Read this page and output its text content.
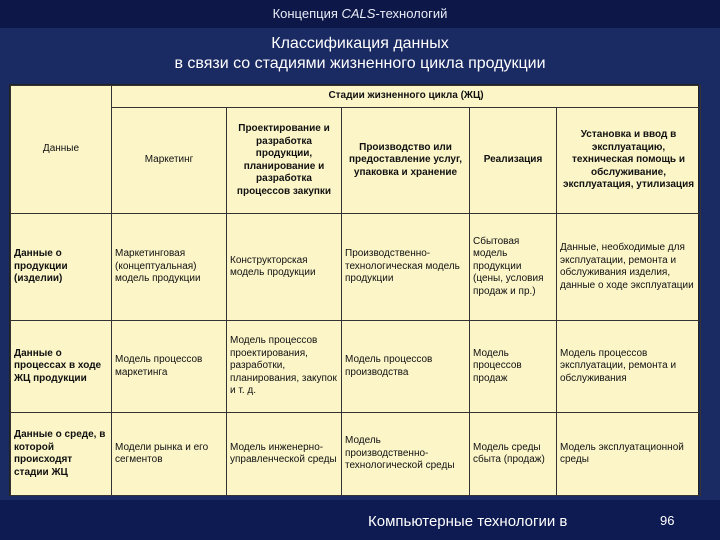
Концепция CALS-технологий
Классификация данных
в связи со стадиями жизненного цикла продукции
Данные	Стадии жизненного цикла (ЖЦ)				
	Маркетинг	Проектирование и разработка продукции, планирование и разработка процессов закупки	Производство или предоставление услуг, упаковка и хранение	Реализация	Установка и ввод в эксплуатацию, техническая помощь и обслуживание, эксплуатация, утилизация
Данные о продукции (изделии)	Маркетинговая (концептуальная) модель продукции	Конструкторская модель продукции	Производственно-технологическая модель продукции	Сбытовая модель продукции (цены, условия продаж и пр.)	Данные, необходимые для эксплуатации, ремонта и обслуживания изделия, данные о ходе эксплуатации
Данные о процессах в ходе ЖЦ продукции	Модель процессов маркетинга	Модель процессов проектирования, разработки, планирования, закупок и т. д.	Модель процессов производства	Модель процессов продаж	Модель процессов эксплуатации, ремонта и обслуживания
Данные о среде, в которой происходят стадии ЖЦ	Модели рынка и его сегментов	Модель инженерно-управленческой среды	Модель производственно-технологической среды	Модель среды сбыта (продаж)	Модель эксплуатационной среды
Компьютерные технологии в	96
